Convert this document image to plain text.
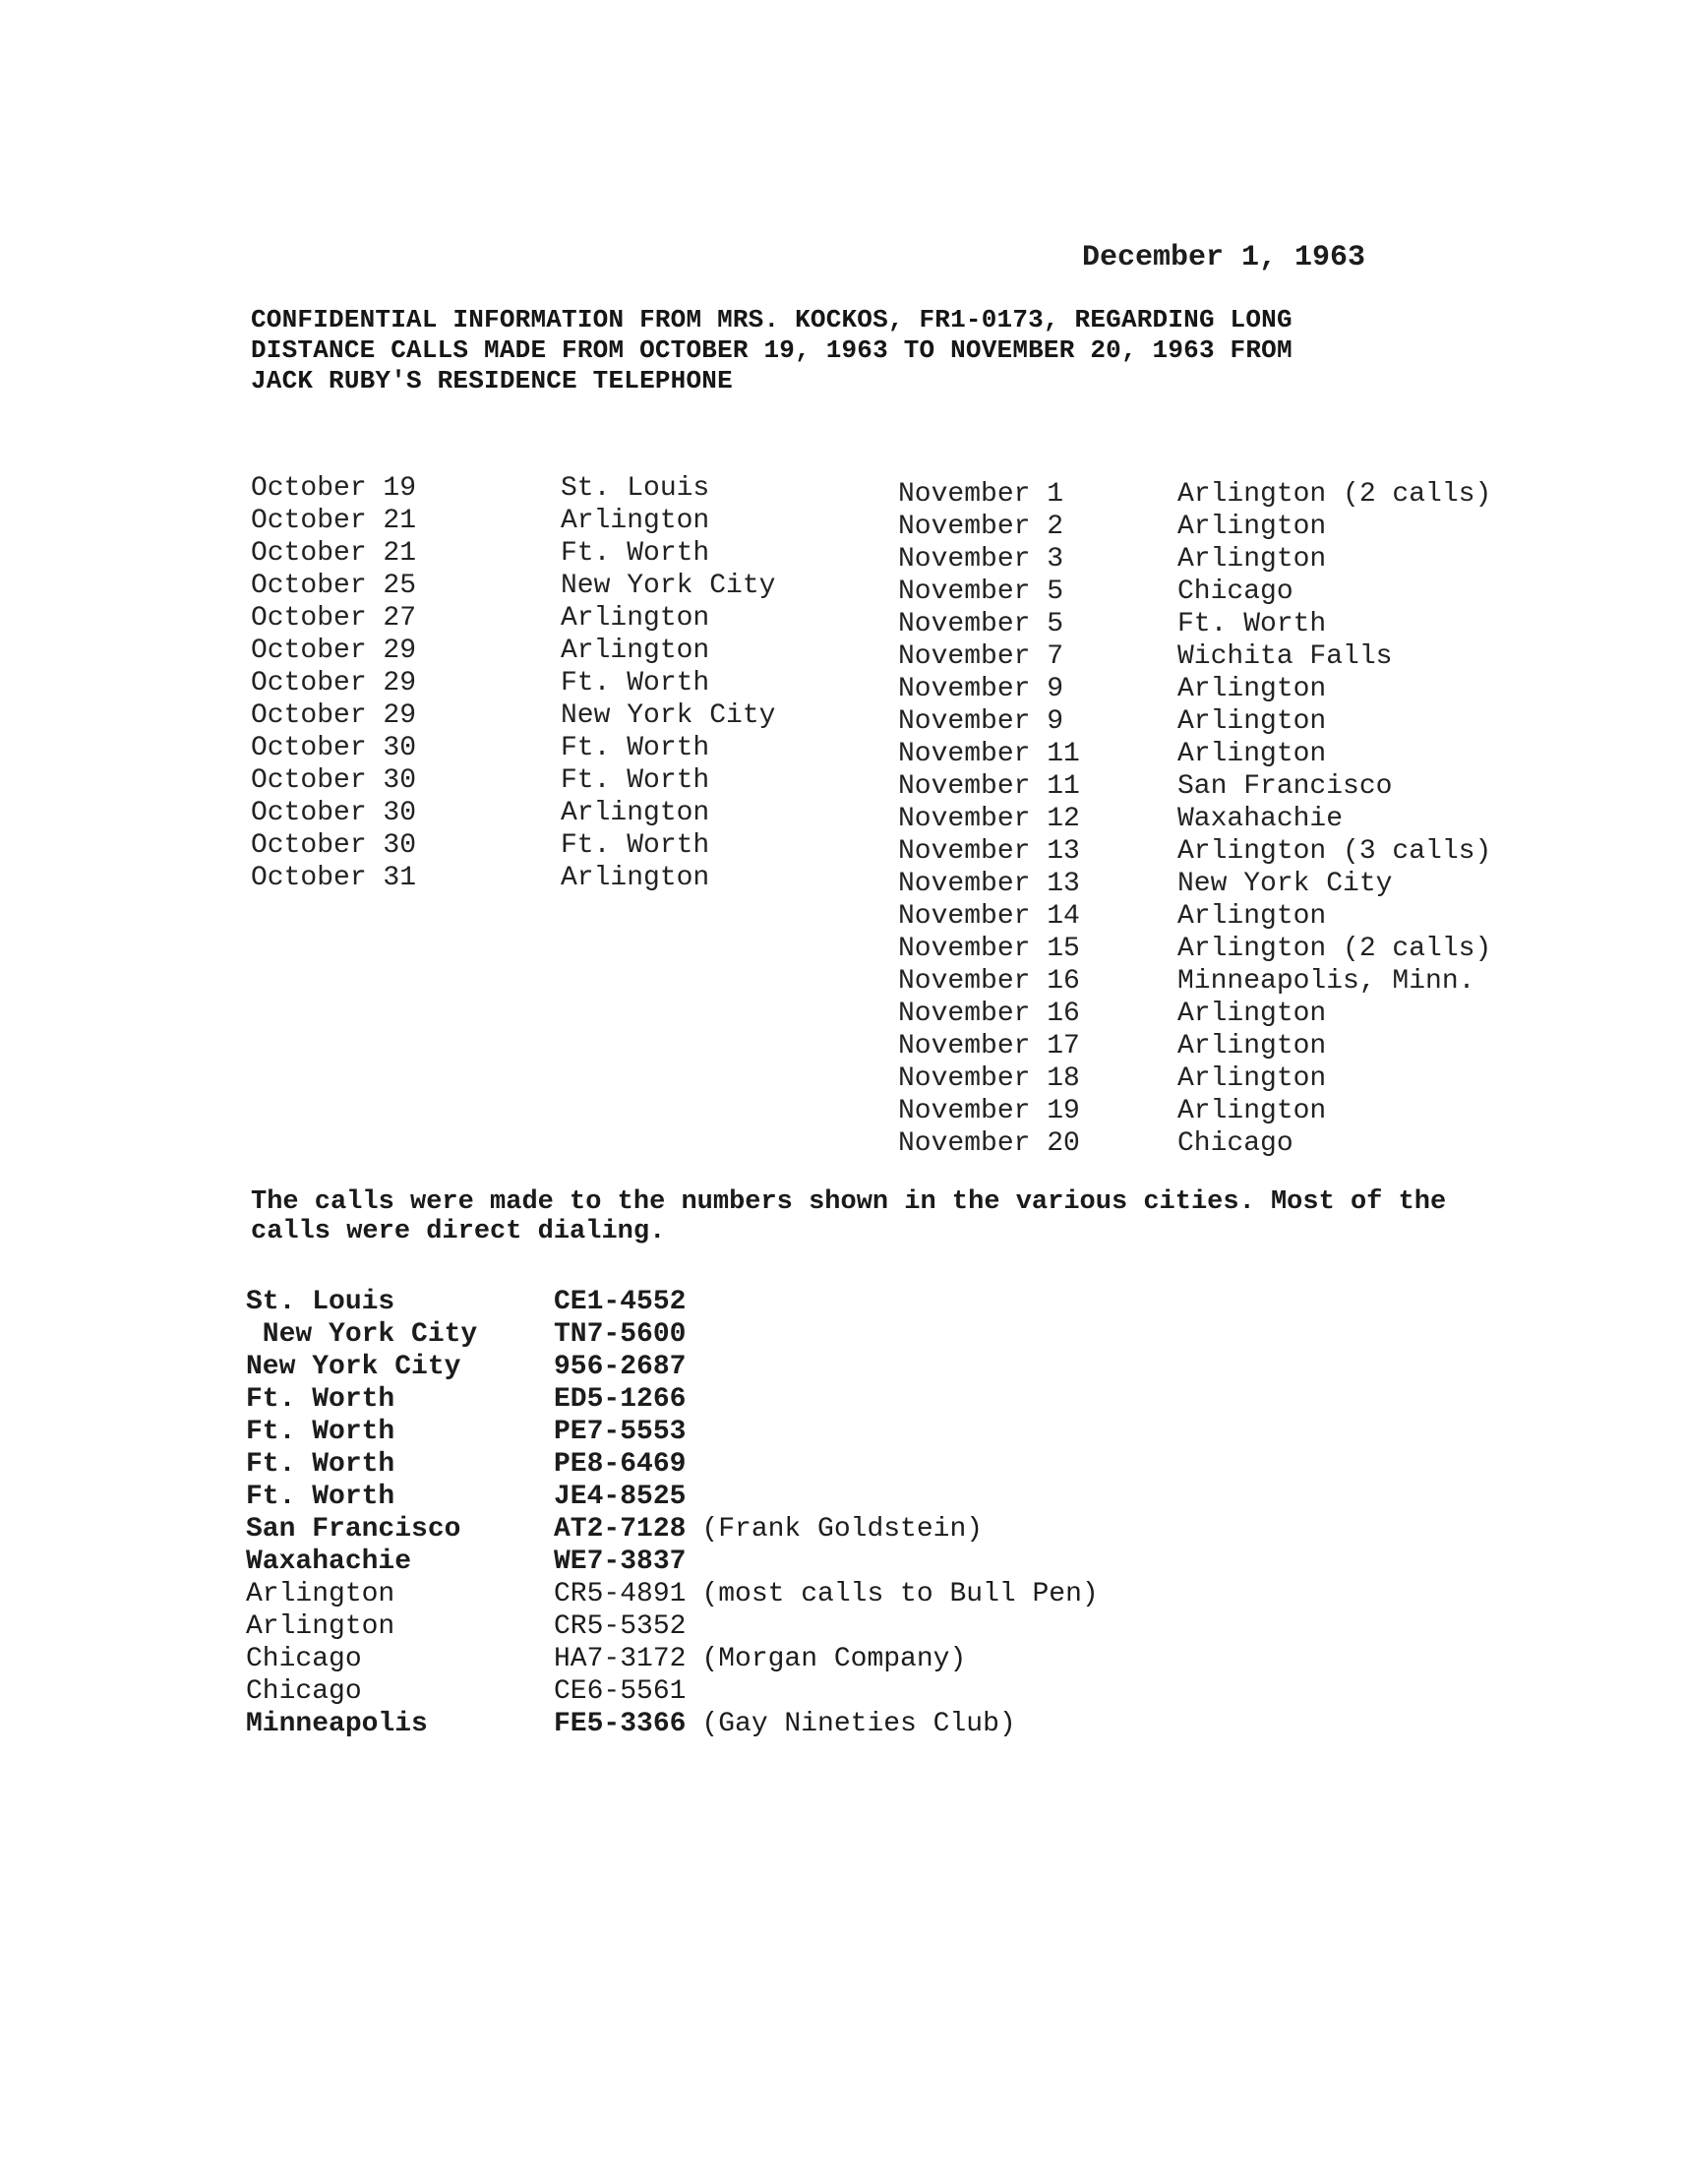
December 1, 1963
CONFIDENTIAL INFORMATION FROM MRS. KOCKOS, FR1-0173, REGARDING LONG
DISTANCE CALLS MADE FROM OCTOBER 19, 1963 TO NOVEMBER 20, 1963 FROM
JACK RUBY'S RESIDENCE TELEPHONE
October 19	St. Louis
October 21	Arlington
October 21	Ft. Worth
October 25	New York City
October 27	Arlington
October 29	Arlington
October 29	Ft. Worth
October 29	New York City
October 30	Ft. Worth
October 30	Ft. Worth
October 30	Arlington
October 30	Ft. Worth
October 31	Arlington
November 1	Arlington (2 calls)
November 2	Arlington
November 3	Arlington
November 5	Chicago
November 5	Ft. Worth
November 7	Wichita Falls
November 9	Arlington
November 9	Arlington
November 11	Arlington
November 11	San Francisco
November 12	Waxahachie
November 13	Arlington (3 calls)
November 13	New York City
November 14	Arlington
November 15	Arlington (2 calls)
November 16	Minneapolis, Minn.
November 16	Arlington
November 17	Arlington
November 18	Arlington
November 19	Arlington
November 20	Chicago
The calls were made to the numbers shown in the various cities. Most of the
calls were direct dialing.
St. Louis	CE1-4552
New York City	TN7-5600
New York City	956-2687
Ft. Worth	ED5-1266
Ft. Worth	PE7-5553
Ft. Worth	PE8-6469
Ft. Worth	JE4-8525
San Francisco	AT2-7128 (Frank Goldstein)
Waxahachie	WE7-3837
Arlington	CR5-4891 (most calls to Bull Pen)
Arlington	CR5-5352
Chicago	HA7-3172 (Morgan Company)
Chicago	CE6-5561
Minneapolis	FE5-3366 (Gay Nineties Club)
